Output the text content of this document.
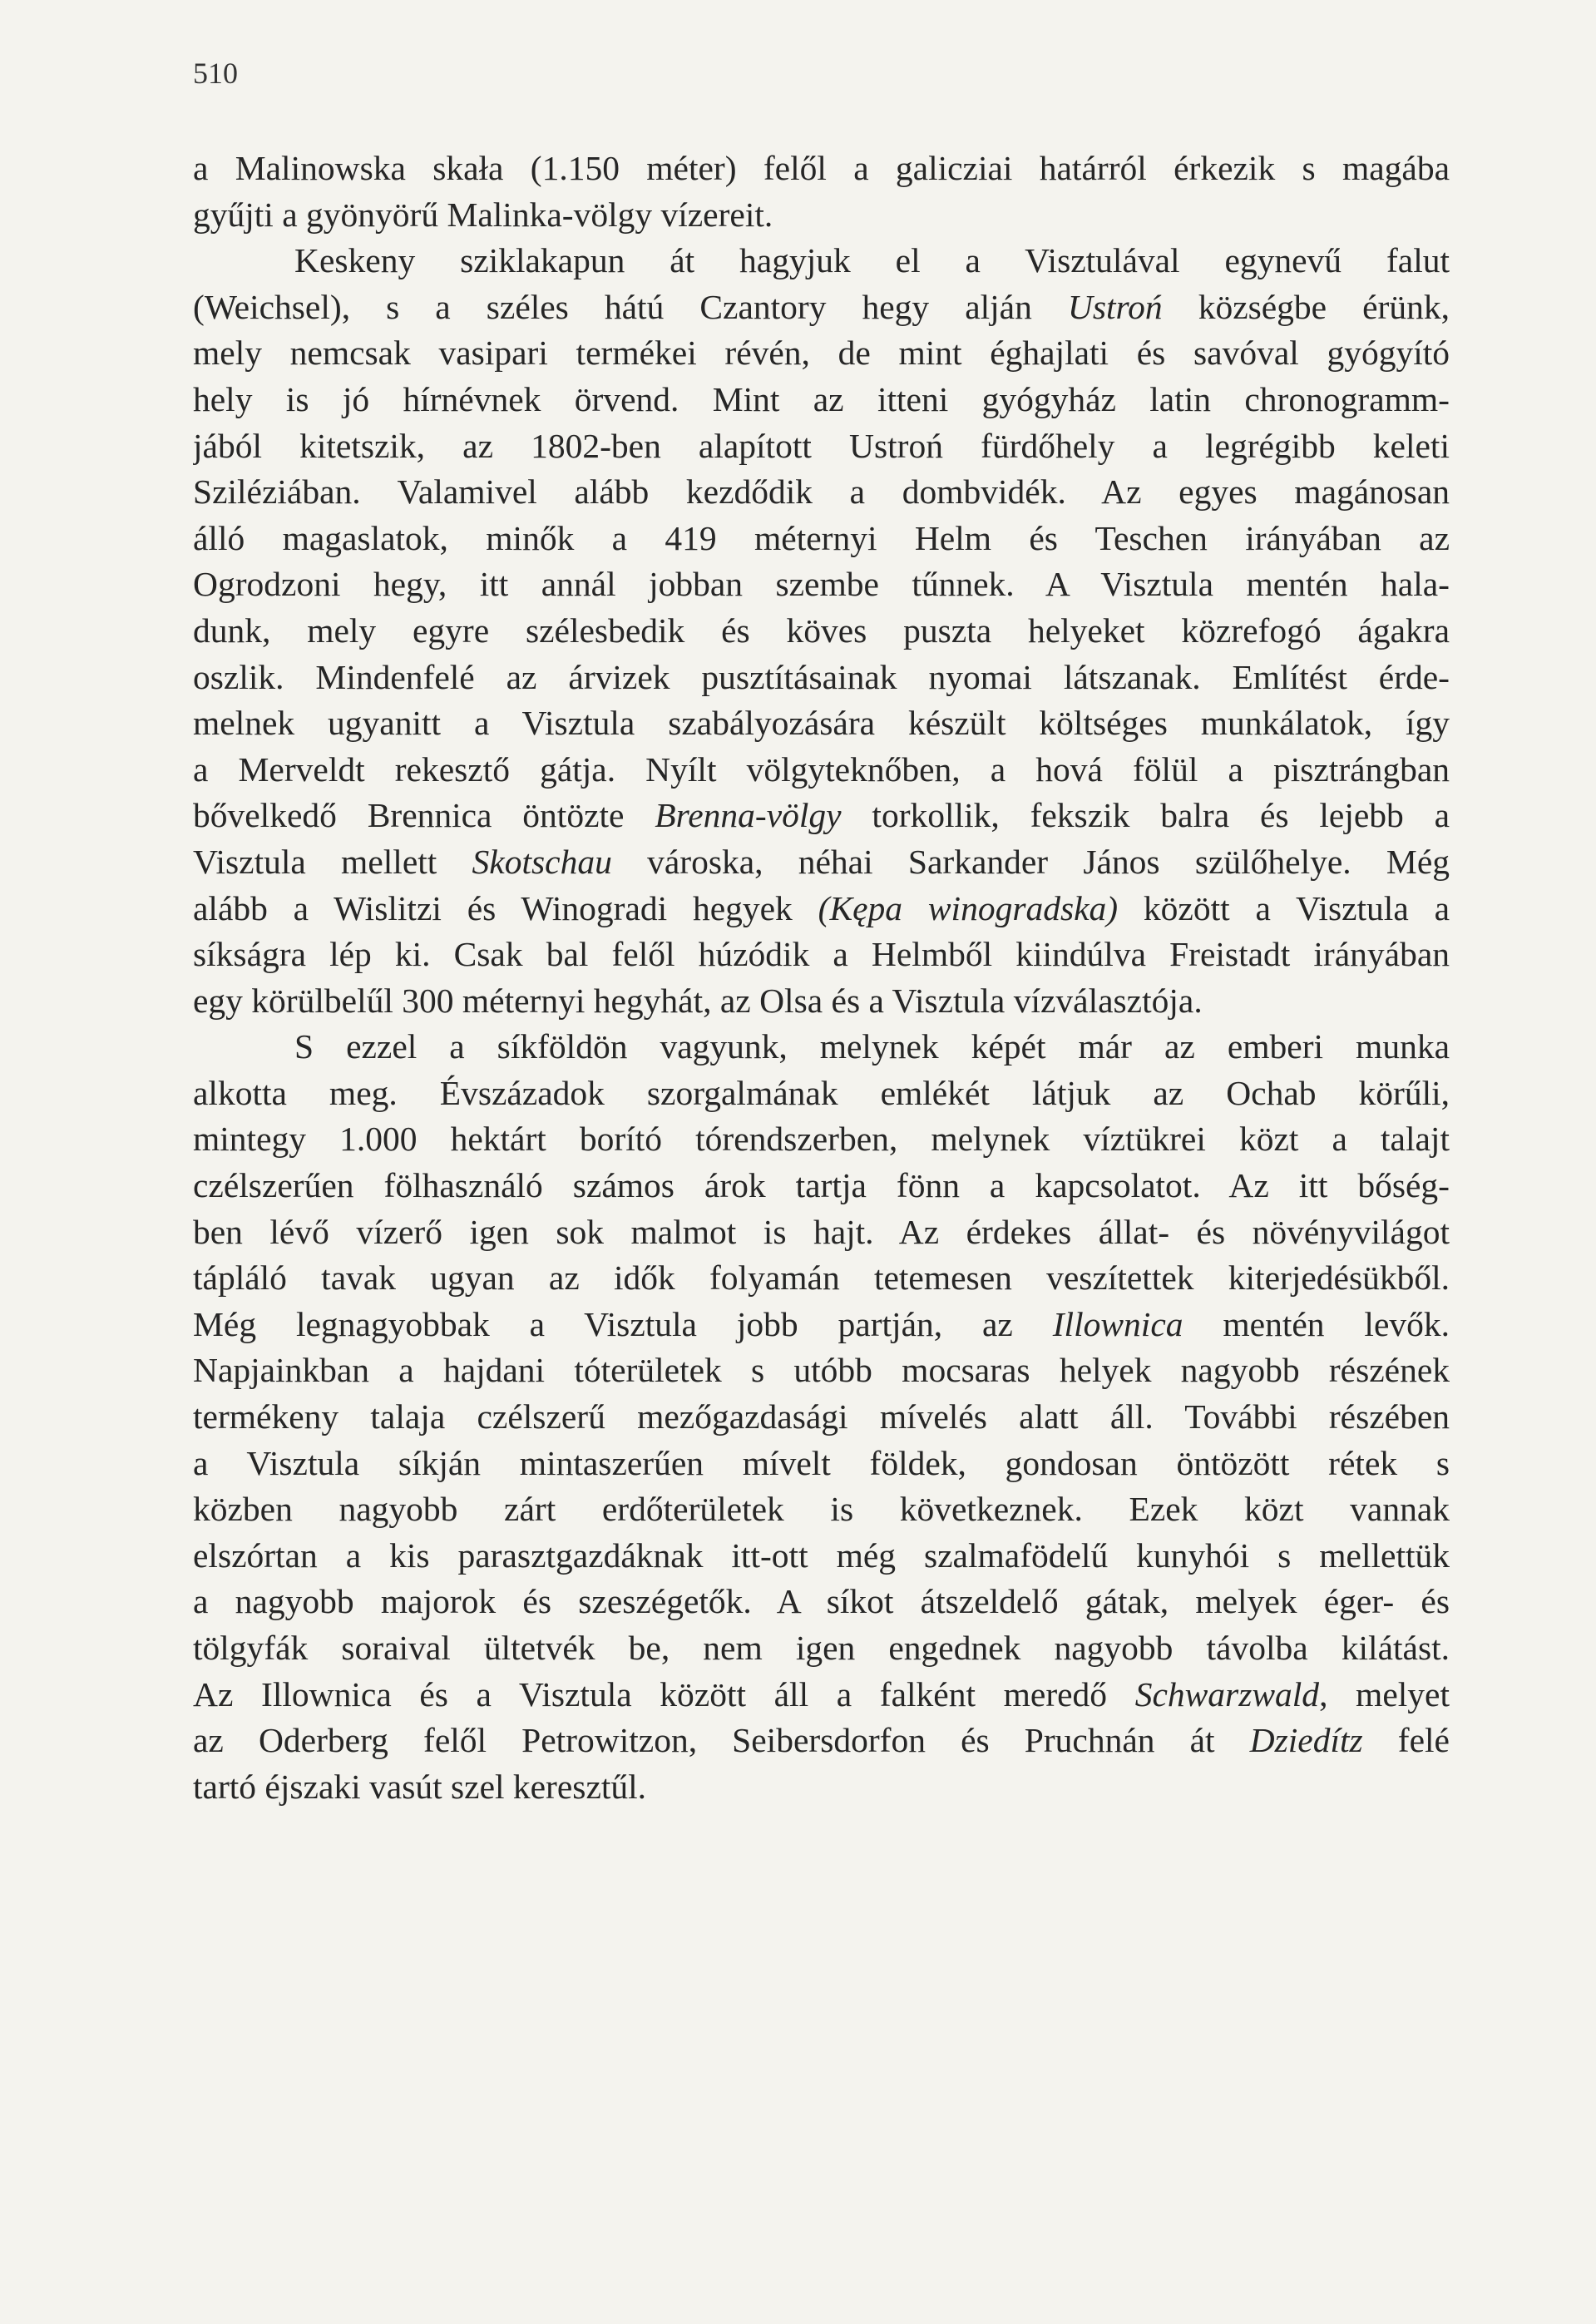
510
a Malinowska skała (1.150 méter) felől a galicziai határról érkezik s magába
gyűjti a gyönyörű Malinka-völgy vízereit.
Keskeny sziklakapun át hagyjuk el a Visztulával egynevű falut
(Weichsel), s a széles hátú Czantory hegy alján Ustroń községbe érünk,
mely nemcsak vasipari termékei révén, de mint éghajlati és savóval gyógyító
hely is jó hírnévnek örvend. Mint az itteni gyógyház latin chronogramm-
jából kitetszik, az 1802-ben alapított Ustroń fürdőhely a legrégibb keleti
Sziléziában. Valamivel alább kezdődik a dombvidék. Az egyes magánosan
álló magaslatok, minők a 419 méternyi Helm és Teschen irányában az
Ogrodzoni hegy, itt annál jobban szembe tűnnek. A Visztula mentén hala-
dunk, mely egyre szélesbedik és köves puszta helyeket közrefogó ágakra
oszlik. Mindenfelé az árvizek pusztításainak nyomai látszanak. Említést érde-
melnek ugyanitt a Visztula szabályozására készült költséges munkálatok, így
a Merveldt rekesztő gátja. Nyílt völgyteknőben, a hová fölül a pisztrángban
bővelkedő Brennica öntözte Brenna-völgy torkollik, fekszik balra és lejebb a
Visztula mellett Skotschau városka, néhai Sarkander János szülőhelye. Még
alább a Wislitzi és Winogradi hegyek (Kępa winogradska) között a Visztula a
síkságra lép ki. Csak bal felől húzódik a Helmből kiindúlva Freistadt irányában
egy körülbelűl 300 méternyi hegyhát, az Olsa és a Visztula vízválasztója.
S ezzel a síkföldön vagyunk, melynek képét már az emberi munka
alkotta meg. Évszázadok szorgalmának emlékét látjuk az Ochab körűli,
mintegy 1.000 hektárt borító tórendszerben, melynek víztükrei közt a talajt
czélszerűen fölhasználó számos árok tartja fönn a kapcsolatot. Az itt bőség-
ben lévő vízerő igen sok malmot is hajt. Az érdekes állat- és növényvilágot
tápláló tavak ugyan az idők folyamán tetemesen veszítettek kiterjedésükből.
Még legnagyobbak a Visztula jobb partján, az Illownica mentén levők.
Napjainkban a hajdani tóterületek s utóbb mocsaras helyek nagyobb részének
termékeny talaja czélszerű mezőgazdasági mívelés alatt áll. További részében
a Visztula síkján mintaszerűen mívelt földek, gondosan öntözött rétek s
közben nagyobb zárt erdőterületek is következnek. Ezek közt vannak
elszórtan a kis parasztgazdáknak itt-ott még szalmafödelű kunyhói s mellettük
a nagyobb majorok és szeszégetők. A síkot átszeldelő gátak, melyek éger- és
tölgyfák soraival ültetvék be, nem igen engednek nagyobb távolba kilátást.
Az Illownica és a Visztula között áll a falként meredő Schwarzwald, melyet
az Oderberg felől Petrowitzon, Seibersdorfon és Pruchnán át Dziedítz felé
tartó éjszaki vasút szel keresztűl.
